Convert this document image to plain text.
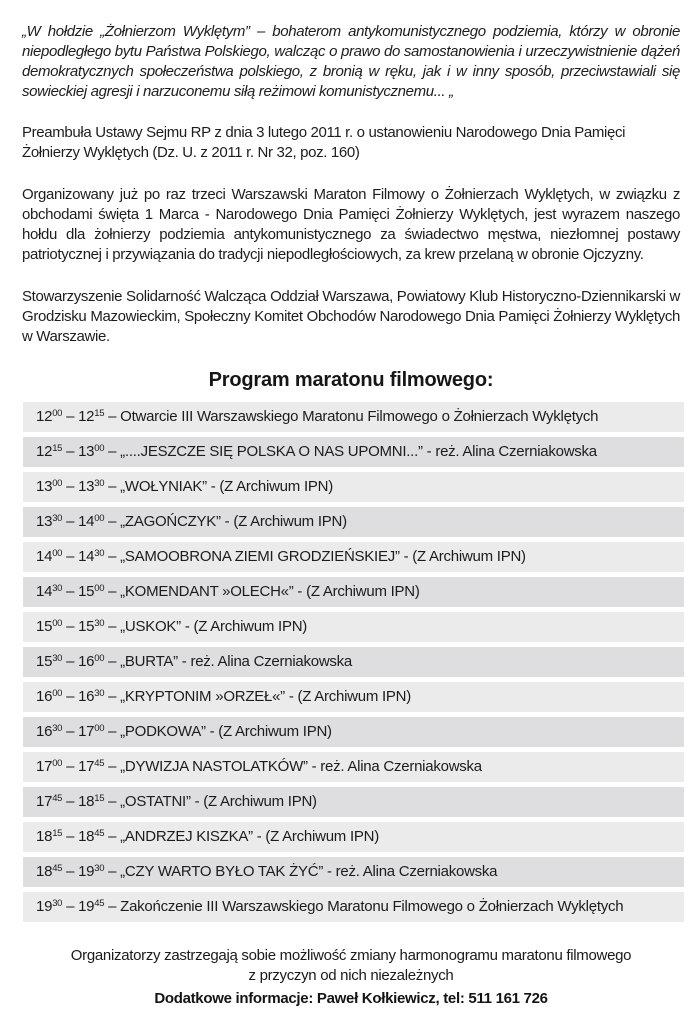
„W hołdzie „Żołnierzom Wyklętym” – bohaterom antykomunistycznego podziemia, którzy w obronie niepodległego bytu Państwa Polskiego, walcząc o prawo do samostanowienia i urzeczywistnienie dążeń demokratycznych społeczeństwa polskiego, z bronią w ręku, jak i w inny sposób, przeciwstawiali się sowieckiej agresji i narzuconemu siłą reżimowi komunistycznemu... „

Preambuła Ustawy Sejmu RP z dnia 3 lutego 2011 r. o ustanowieniu Narodowego Dnia Pamięci Żołnierzy Wyklętych (Dz. U. z 2011 r. Nr 32, poz. 160)

Organizowany już po raz trzeci Warszawski Maraton Filmowy o Żołnierzach Wyklętych, w związku z obchodami święta 1 Marca - Narodowego Dnia Pamięci Żołnierzy Wyklętych, jest wyrazem naszego hołdu dla żołnierzy podziemia antykomunistycznego za świadectwo męstwa, niezłomnej postawy patriotycznej i przywiązania do tradycji niepodległościowych, za krew przelaną w obronie Ojczyzny.

Stowarzyszenie Solidarność Walcząca Oddział Warszawa, Powiatowy Klub Historyczno-Dziennikarski w Grodzisku Mazowieckim, Społeczny Komitet Obchodów Narodowego Dnia Pamięci Żołnierzy Wyklętych w Warszawie.

Program maratonu filmowego:
$12^{00} - 12^{15}$ – Otwarcie III Warszawskiego Maratonu Filmowego o Żołnierzach Wyklętych
$12^{15} - 13^{00}$ – „....JESZCZE SIĘ POLSKA O NAS UPOMNI...” - reż. Alina Czerniakowska
$13^{00} - 13^{30}$ – „WOŁYNIAK” - (Z Archiwum IPN)
$13^{30} - 14^{00}$ – „ZAGOŃCZYK” - (Z Archiwum IPN)
$14^{00} - 14^{30}$ – „SAMOOBRONA ZIEMI GRODZIEŃSKIEJ” - (Z Archiwum IPN)
$14^{30} - 15^{00}$ – „KOMENDANT »OLECH«” - (Z Archiwum IPN)
$15^{00} - 15^{30}$ – „USKOK” - (Z Archiwum IPN)
$15^{30} - 16^{00}$ – „BURTA” - reż. Alina Czerniakowska
$16^{00} - 16^{30}$ – „KRYPTONIM »ORZEŁ«” - (Z Archiwum IPN)
$16^{30} - 17^{00}$ – „PODKOWA” - (Z Archiwum IPN)
$17^{00} - 17^{45}$ – „DYWIZJA NASTOLATKÓW” - reż. Alina Czerniakowska
$17^{45} - 18^{15}$ – „OSTATNI” - (Z Archiwum IPN)
$18^{15} - 18^{45}$ – „ANDRZEJ KISZKA” - (Z Archiwum IPN)
$18^{45} - 19^{30}$ – „CZY WARTO BYŁO TAK ŻYĆ” - reż. Alina Czerniakowska
$19^{30} - 19^{45}$ – Zakończenie III Warszawskiego Maratonu Filmowego o Żołnierzach Wyklętych

Organizatorzy zastrzegają sobie możliwość zmiany harmonogramu maratonu filmowego
z przyczyn od nich niezależnych

Dodatkowe informacje: Paweł Kołkiewicz, tel: 511 161 726
